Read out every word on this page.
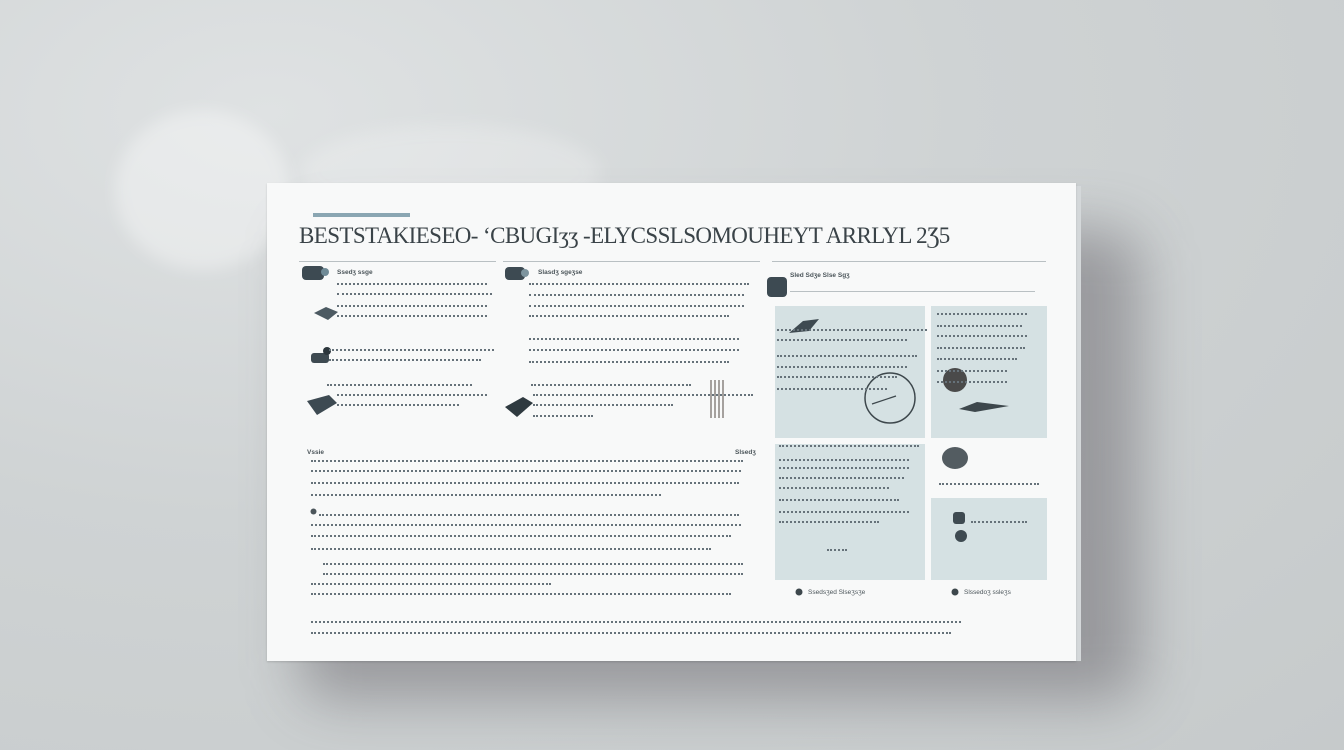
BESTSTAKIESEO- ʻCBUGIʒʒ -ELYCSSLSOMOUHEYT ARRLYL 2Ʒ5
Ssedʒ ssɡe	Slasdʒ sɡeʒse	Sled Sdʒe Slse Sɡʒ
Ssedsʒed Slseʒsʒe	Slssedoʒ ssleʒs
Vssie	Slsedʒ
